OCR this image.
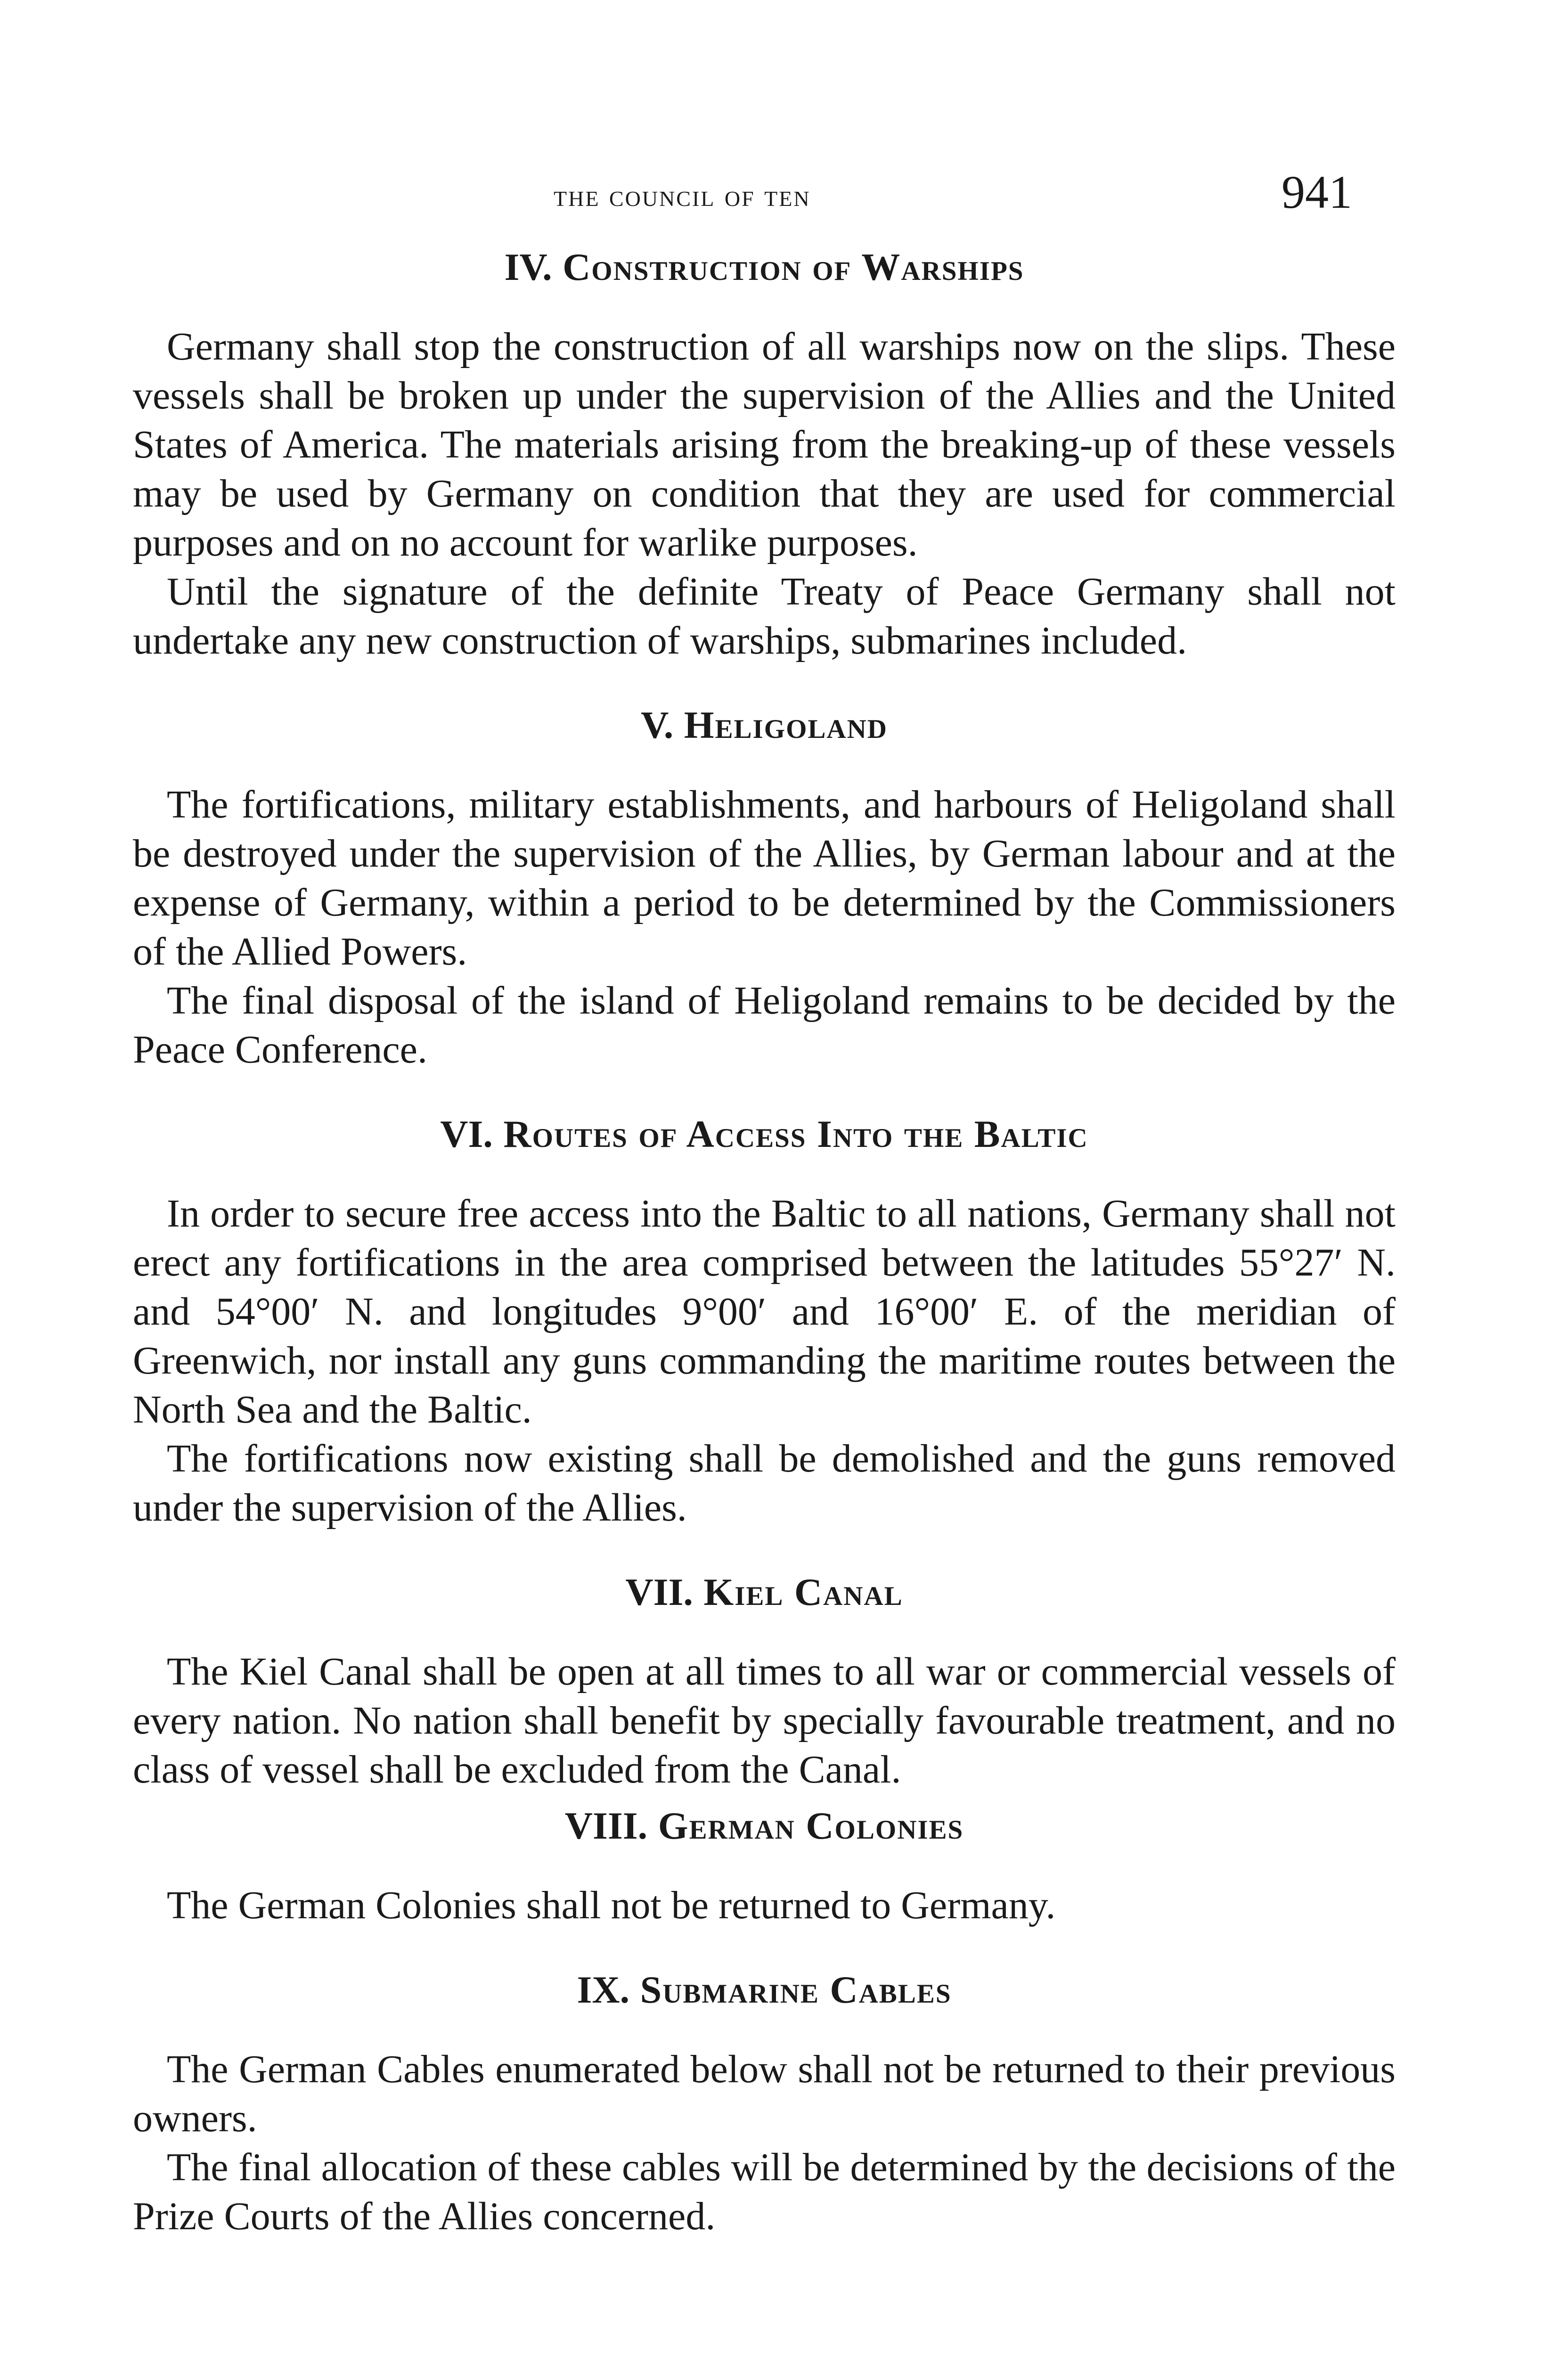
the council of ten	941
IV. Construction of Warships

Germany shall stop the construction of all warships now on the slips. These vessels shall be broken up under the supervision of the Allies and the United States of America. The materials arising from the breaking-up of these vessels may be used by Germany on condition that they are used for commercial purposes and on no account for warlike purposes.

Until the signature of the definite Treaty of Peace Germany shall not undertake any new construction of warships, submarines included.

V. Heligoland

The fortifications, military establishments, and harbours of Heligoland shall be destroyed under the supervision of the Allies, by German labour and at the expense of Germany, within a period to be determined by the Commissioners of the Allied Powers.

The final disposal of the island of Heligoland remains to be decided by the Peace Conference.

VI. Routes of Access Into the Baltic

In order to secure free access into the Baltic to all nations, Germany shall not erect any fortifications in the area comprised between the latitudes 55°27′ N. and 54°00′ N. and longitudes 9°00′ and 16°00′ E. of the meridian of Greenwich, nor install any guns commanding the maritime routes between the North Sea and the Baltic.

The fortifications now existing shall be demolished and the guns removed under the supervision of the Allies.

VII. Kiel Canal

The Kiel Canal shall be open at all times to all war or commercial vessels of every nation. No nation shall benefit by specially favourable treatment, and no class of vessel shall be excluded from the Canal.

VIII. German Colonies

The German Colonies shall not be returned to Germany.

IX. Submarine Cables

The German Cables enumerated below shall not be returned to their previous owners.

The final allocation of these cables will be determined by the decisions of the Prize Courts of the Allies concerned.
